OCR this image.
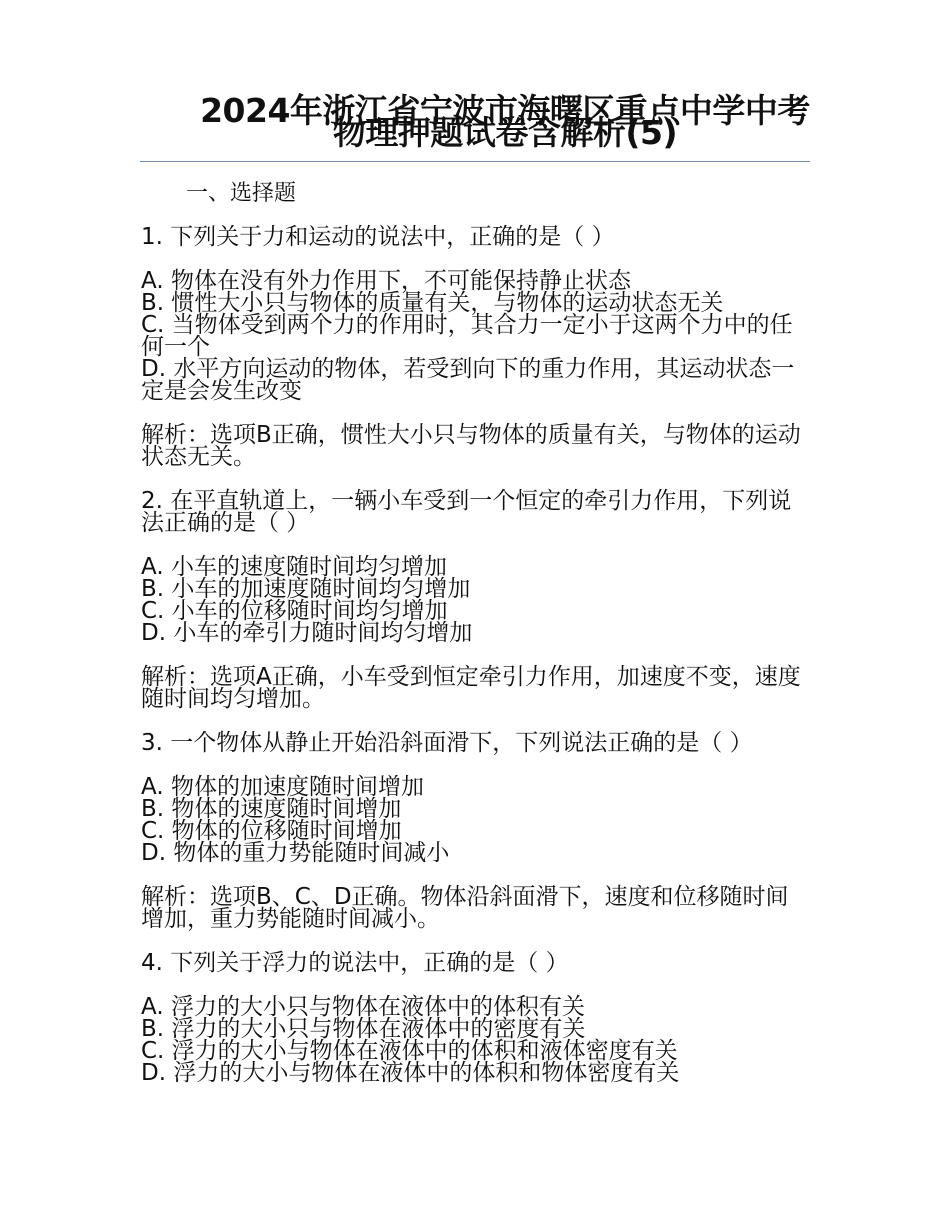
2024年浙江省宁波市海曙区重点中学中考物理押题试卷含解析(5)
一、选择题

1. 下列关于力和运动的说法中，正确的是（ ）

A. 物体在没有外力作用下，不可能保持静止状态

B. 惯性大小只与物体的质量有关，与物体的运动状态无关

C. 当物体受到两个力的作用时，其合力一定小于这两个力中的任何一个

D. 水平方向运动的物体，若受到向下的重力作用，其运动状态一定是会发生改变

解析：选项B正确，惯性大小只与物体的质量有关，与物体的运动状态无关。

2. 在平直轨道上，一辆小车受到一个恒定的牵引力作用，下列说法正确的是（ ）

A. 小车的速度随时间均匀增加

B. 小车的加速度随时间均匀增加

C. 小车的位移随时间均匀增加

D. 小车的牵引力随时间均匀增加

解析：选项A正确，小车受到恒定牵引力作用，加速度不变，速度随时间均匀增加。

3. 一个物体从静止开始沿斜面滑下，下列说法正确的是（ ）

A. 物体的加速度随时间增加

B. 物体的速度随时间增加

C. 物体的位移随时间增加

D. 物体的重力势能随时间减小

解析：选项B、C、D正确。物体沿斜面滑下，速度和位移随时间增加，重力势能随时间减小。

4. 下列关于浮力的说法中，正确的是（ ）

A. 浮力的大小只与物体在液体中的体积有关

B. 浮力的大小只与物体在液体中的密度有关

C. 浮力的大小与物体在液体中的体积和液体密度有关

D. 浮力的大小与物体在液体中的体积和物体密度有关
